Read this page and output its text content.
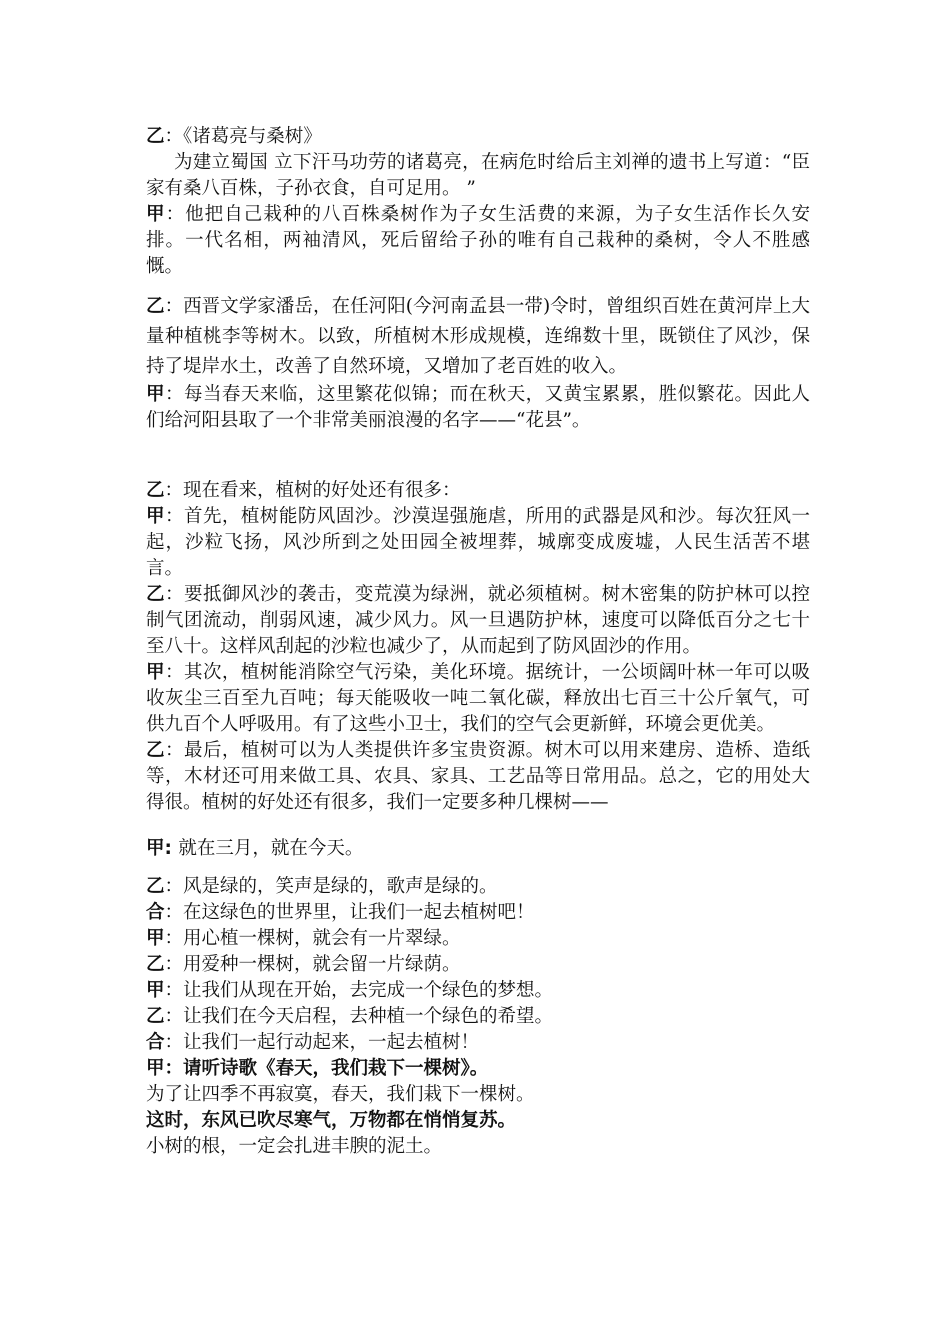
乙：《诸葛亮与桑树》

为建立蜀国 立下汗马功劳的诸葛亮，在病危时给后主刘禅的遗书上写道：“臣家有桑八百株，子孙衣食，自可足用。 ”

甲：他把自己栽种的八百株桑树作为子女生活费的来源，为子女生活作长久安排。一代名相，两袖清风，死后留给子孙的唯有自己栽种的桑树，令人不胜感慨。

乙：西晋文学家潘岳，在任河阳(今河南孟县一带)令时，曾组织百姓在黄河岸上大量种植桃李等树木。以致，所植树木形成规模，连绵数十里，既锁住了风沙，保持了堤岸水土，改善了自然环境，又增加了老百姓的收入。

甲：每当春天来临，这里繁花似锦；而在秋天，又黄宝累累，胜似繁花。因此人们给河阳县取了一个非常美丽浪漫的名字——“花县”。

乙：现在看来，植树的好处还有很多：

甲：首先，植树能防风固沙。沙漠逞强施虐，所用的武器是风和沙。每次狂风一起，沙粒飞扬，风沙所到之处田园全被埋葬，城廓变成废墟，人民生活苦不堪言。

乙：要抵御风沙的袭击，变荒漠为绿洲，就必须植树。树木密集的防护林可以控制气团流动，削弱风速，减少风力。风一旦遇防护林，速度可以降低百分之七十至八十。这样风刮起的沙粒也减少了，从而起到了防风固沙的作用。

甲：其次，植树能消除空气污染，美化环境。据统计，一公顷阔叶林一年可以吸收灰尘三百至九百吨；每天能吸收一吨二氧化碳，释放出七百三十公斤氧气，可供九百个人呼吸用。有了这些小卫士，我们的空气会更新鲜，环境会更优美。

乙：最后，植树可以为人类提供许多宝贵资源。树木可以用来建房、造桥、造纸等，木材还可用来做工具、农具、家具、工艺品等日常用品。总之，它的用处大得很。植树的好处还有很多，我们一定要多种几棵树——

甲: 就在三月，就在今天。

乙：风是绿的，笑声是绿的，歌声是绿的。

合：在这绿色的世界里，让我们一起去植树吧！

甲：用心植一棵树，就会有一片翠绿。

乙：用爱种一棵树，就会留一片绿荫。

甲：让我们从现在开始，去完成一个绿色的梦想。

乙：让我们在今天启程，去种植一个绿色的希望。

合：让我们一起行动起来，一起去植树！

甲：请听诗歌《春天，我们栽下一棵树》。

为了让四季不再寂寞，春天，我们栽下一棵树。

这时，东风已吹尽寒气，万物都在悄悄复苏。

小树的根，一定会扎进丰腴的泥土。
